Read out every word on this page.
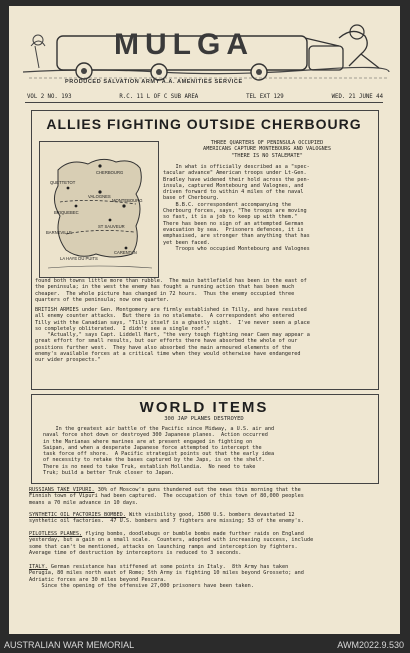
MULGA
PRODUCED SALVATION ARMY A.A. AMENITIES SERVICE
VOL 2 NO. 193	R.C. 11 L OF C SUB AREA	TEL EXT 129	WED. 21 JUNE 44
ALLIES FIGHTING OUTSIDE CHERBOURG
CHERBOURG
VALOGNES
QUETTETOT
BRIQUEBEC
MONTEBOURG
BARNEVILLE
ST SAUVEUR
CARENTAN
LA HAYE DU PUITS
THREE QUARTERS OF PENINSULA OCCUPIED
AMERICANS CAPTURE MONTEBOURG AND VALOGNES
"THERE IS NO STALEMATE"
In what is officially described as a "spec-
tacular advance" American troops under Lt-Gen.
Bradley have widened their hold across the pen-
insula, captured Montebourg and Valognes, and
driven forward to within 4 miles of the naval
base of Cherbourg.
B.B.C. correspondent accompanying the
Cherbourg forces, says, "The troops are moving
so fast, it is a job to keep up with them."
There has been no sign of an attempted German
evacuation by sea.  Prisoners defences, it is
emphasised, are stronger than anything that has
yet been faced.
Troops who occupied Montebourg and Valognes
found both towns little more than rubble.  The main battlefield has been in the east of
the peninsula; in the west the enemy has fought a running action that has been much
cheaper.  The whole picture has changed in 72 hours.  Thus the enemy occupied three
quarters of the peninsula; now one quarter.
BRITISH ARMIES under Gen. Montgomery are firmly established in Tilly, and have resisted
all enemy counter attacks.  But there is no stalemate.  A correspondent who entered
Tilly with the Canadian says, "Tilly itself is a ghastly sight.  I've never seen a place
so completely obliterated.  I didn't see a single roof."
"Actually," says Capt. Liddell Hart, "the very tough fighting near Caen may appear a
great effort for small results, but our efforts there have absorbed the whole of our
positions further west.  They have also absorbed the main armoured elements of the
enemy's available forces at a critical time when they would otherwise have endangered
our wider prospects."
WORLD ITEMS
300 JAP PLANES DESTROYED
In the greatest air battle of the Pacific since Midway, a U.S. air and
naval force shot down or destroyed 300 Japanese planes.  Action occurred
in the Marianas where marines are at present engaged in fighting on
Saipan, and when a desperate Japanese force attempted to intercept the
task force off shore.  A Pacific strategist points out that the early idea
of necessity to retake the bases captured by the Japs, is on the shelf.
There is no need to take Truk, establish Hollandia.  No need to take
Truk; build a better Truk closer to Japan.
RUSSIANS TAKE VIPURI. 30% of Moscow's guns thundered out the news this morning that the
Finnish town of Vipuri had been captured.  The occupation of this town of 80,000 peoples
means a 70 mile advance in 10 days.
SYNTHETIC OIL FACTORIES BOMBED. With visibility good, 1500 U.S. bombers devastated 12
synthetic oil factories.  47 U.S. bombers and 7 fighters are missing; 53 of the enemy's.
PILOTLESS PLANES, flying bombs, doodlebugs or bumble bombs made further raids on England
yesterday, but a gain on a small scale.  Counters, adopted with increasing success, include
some that can't be mentioned, attacks on launching ramps and interception by fighters.
Average time of destruction by interceptors is reduced to 3 seconds.
ITALY. German resistance has stiffened at some points in Italy.  8th Army has taken
Perugia, 80 miles north east of Rome; 5th Army is fighting 10 miles beyond Grosseto; and
Adriatic forces are 30 miles beyond Pescara.
Since the opening of the offensive 27,000 prisoners have been taken.
AUSTRALIAN WAR MEMORIAL	AWM2022.9.530
